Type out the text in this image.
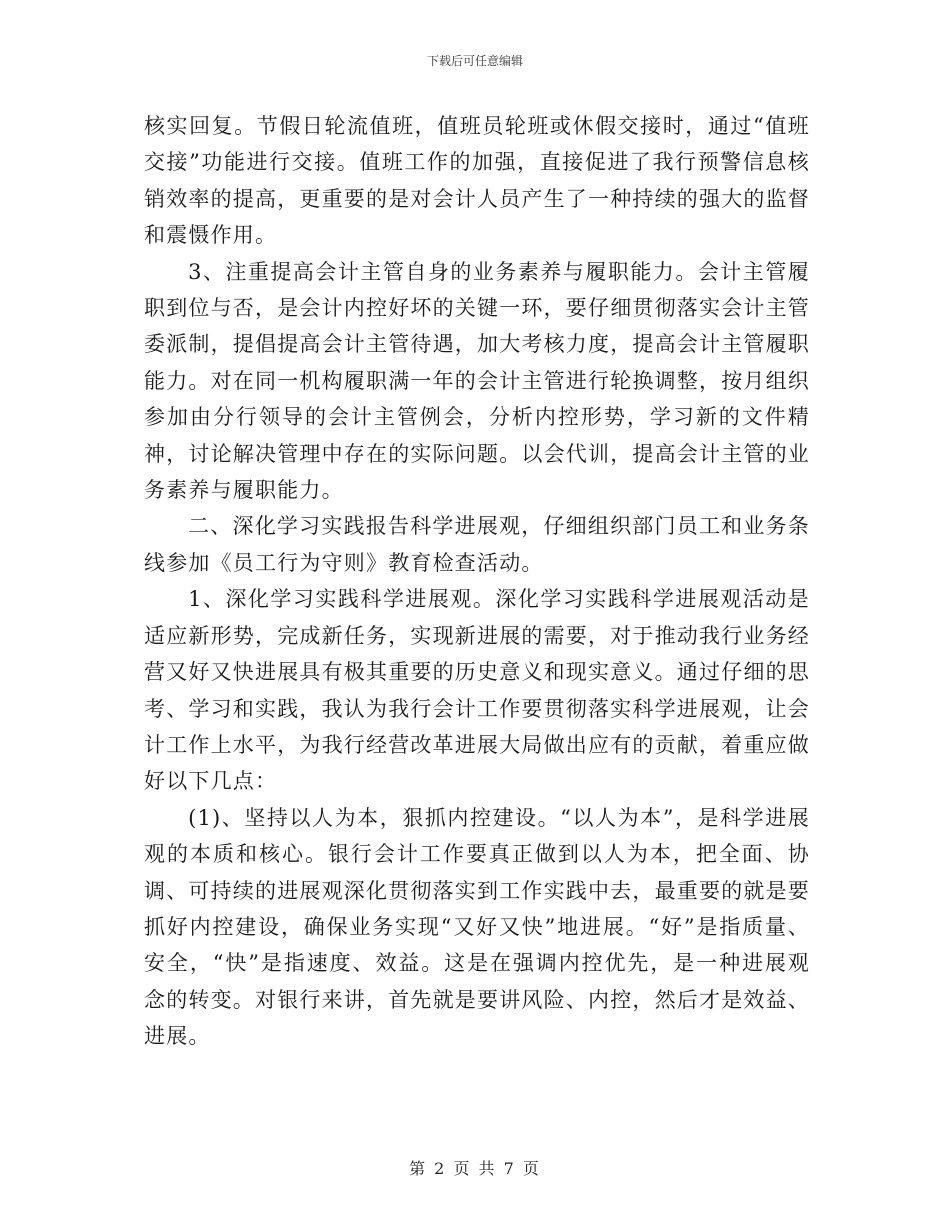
下载后可任意编辑

核实回复。节假日轮流值班，值班员轮班或休假交接时，通过“值班交接”功能进行交接。值班工作的加强，直接促进了我行预警信息核销效率的提高，更重要的是对会计人员产生了一种持续的强大的监督和震慑作用。

3、注重提高会计主管自身的业务素养与履职能力。会计主管履职到位与否，是会计内控好坏的关键一环，要仔细贯彻落实会计主管委派制，提倡提高会计主管待遇，加大考核力度，提高会计主管履职能力。对在同一机构履职满一年的会计主管进行轮换调整，按月组织参加由分行领导的会计主管例会，分析内控形势，学习新的文件精神，讨论解决管理中存在的实际问题。以会代训，提高会计主管的业务素养与履职能力。

二、深化学习实践报告科学进展观，仔细组织部门员工和业务条线参加《员工行为守则》教育检查活动。

1、深化学习实践科学进展观。深化学习实践科学进展观活动是适应新形势，完成新任务，实现新进展的需要，对于推动我行业务经营又好又快进展具有极其重要的历史意义和现实意义。通过仔细的思考、学习和实践，我认为我行会计工作要贯彻落实科学进展观，让会计工作上水平，为我行经营改革进展大局做出应有的贡献，着重应做好以下几点：

(1)、坚持以人为本，狠抓内控建设。“以人为本”，是科学进展观的本质和核心。银行会计工作要真正做到以人为本，把全面、协调、可持续的进展观深化贯彻落实到工作实践中去，最重要的就是要抓好内控建设，确保业务实现“又好又快”地进展。“好”是指质量、安全，“快”是指速度、效益。这是在强调内控优先，是一种进展观念的转变。对银行来讲，首先就是要讲风险、内控，然后才是效益、进展。

第 2 页 共 7 页
